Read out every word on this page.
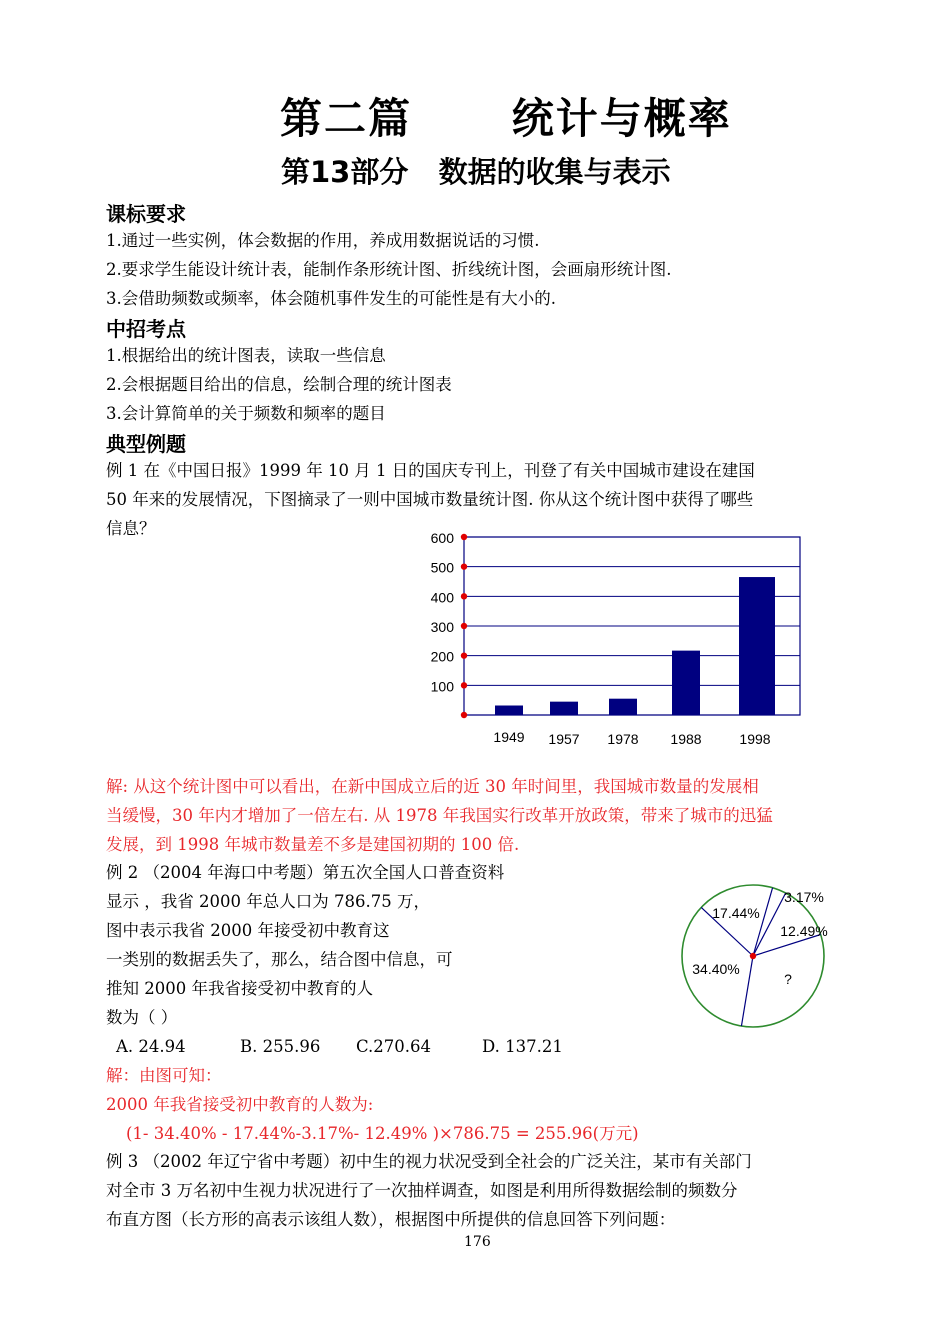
第二篇      统计与概率
第13部分   数据的收集与表示
课标要求
1.通过一些实例，体会数据的作用，养成用数据说话的习惯.
2.要求学生能设计统计表，能制作条形统计图、折线统计图，会画扇形统计图.
3.会借助频数或频率，体会随机事件发生的可能性是有大小的.
中招考点
1.根据给出的统计图表，读取一些信息
2.会根据题目给出的信息，绘制合理的统计图表
3.会计算简单的关于频数和频率的题目
典型例题
例 1 在《中国日报》1999 年 10 月 1 日的国庆专刊上，刊登了有关中国城市建设在建国
50 年来的发展情况，下图摘录了一则中国城市数量统计图. 你从这个统计图中获得了哪些
信息？
100
200
300
400
500
600
1949 1957 1978 1988	1998
解: 从这个统计图中可以看出，在新中国成立后的近 30 年时间里，我国城市数量的发展相
当缓慢，30 年内才增加了一倍左右. 从 1978 年我国实行改革开放政策，带来了城市的迅猛
发展，到 1998 年城市数量差不多是建国初期的 100 倍.
例 2 （2004 年海口中考题）第五次全国人口普查资料
显示 ，我省 2000 年总人口为 786.75 万，
图中表示我省 2000 年接受初中教育这
一类别的数据丢失了，那么，结合图中信息，可
推知 2000 年我省接受初中教育的人
数为（ ）
A. 24.94	B. 255.96 C.270.64	D. 137.21
3.17%
12.49%
?
34.40%
17.44%
解：由图可知：
2000 年我省接受初中教育的人数为:
(1- 34.40% - 17.44%-3.17%- 12.49% )×786.75 = 255.96(万元)
例 3 （2002 年辽宁省中考题）初中生的视力状况受到全社会的广泛关注，某市有关部门
对全市 3 万名初中生视力状况进行了一次抽样调查，如图是利用所得数据绘制的频数分
布直方图（长方形的高表示该组人数），根据图中所提供的信息回答下列问题：
176
